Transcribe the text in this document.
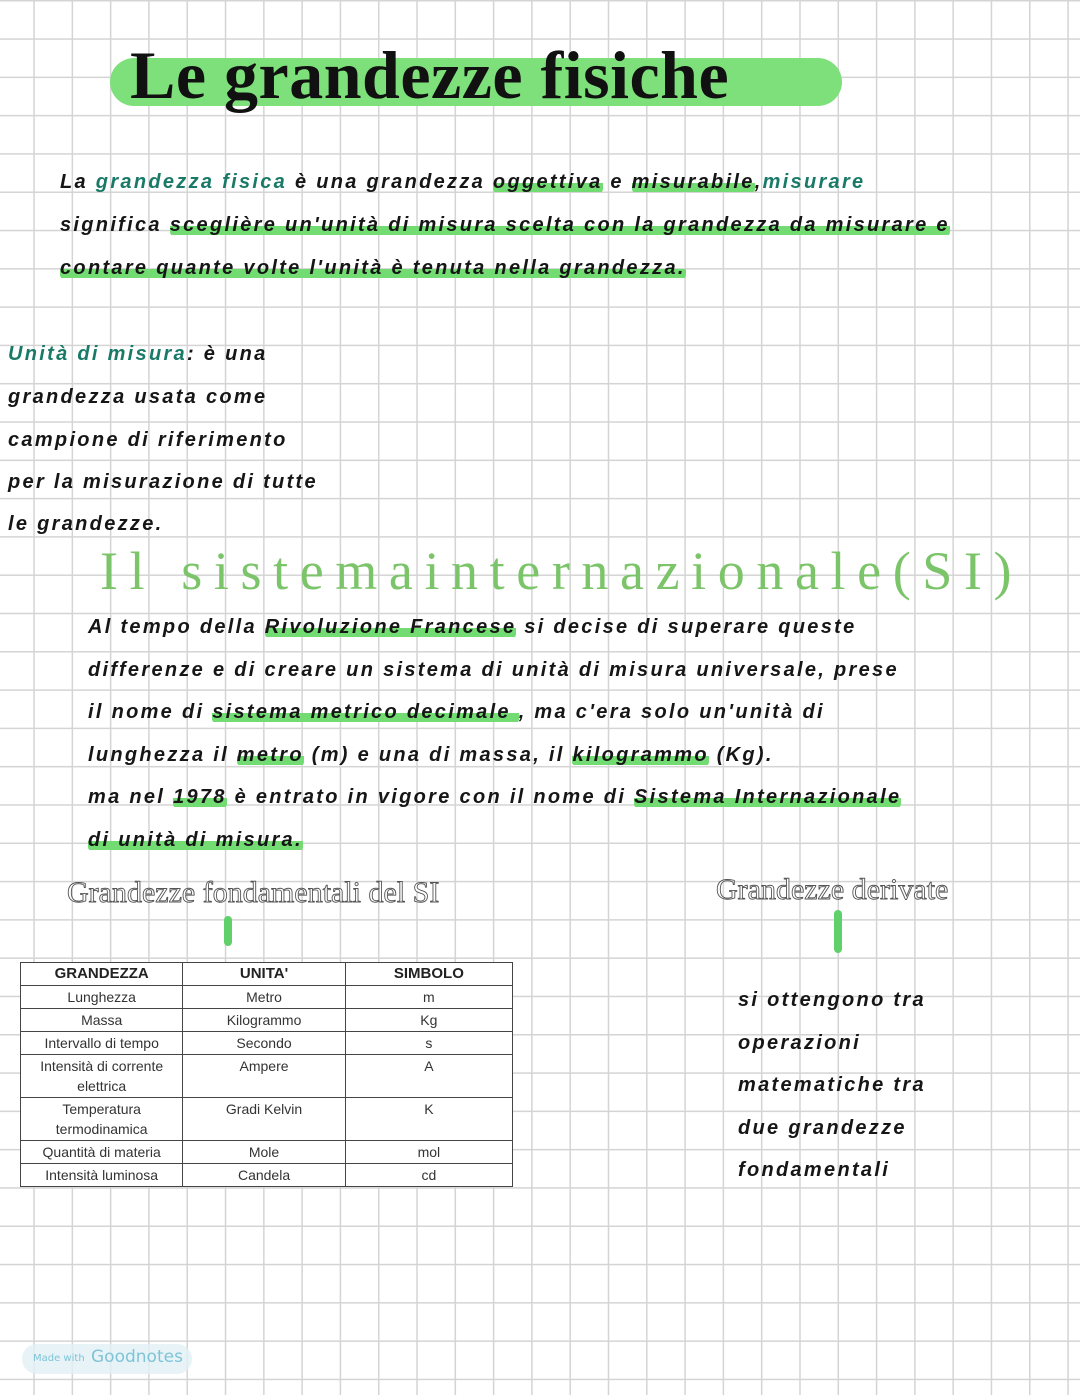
Le grandezze fisiche
La grandezza fisica è una grandezza oggettiva e misurabile,misurare
significa sceglière un'unità di misura scelta con la grandezza da misurare e
contare quante volte l'unità è tenuta nella grandezza.
Unità di misura: è una
grandezza usata come
campione di riferimento
per la misurazione di tutte
le grandezze.
Il sistemainternazionale(SI)
Al tempo della Rivoluzione Francese si decise di superare queste
differenze e di creare un sistema di unità di misura universale, prese
il nome di sistema metrico decimale , ma c'era solo un'unità di
lunghezza il metro (m) e una di massa, il kilogrammo (Kg).
ma nel 1978 è entrato in vigore con il nome di Sistema Internazionale
di unità di misura.
Grandezze fondamentali del SI	Grandezze derivate
GRANDEZZA	UNITA'	SIMBOLO
Lunghezza	Metro	m
Massa	Kilogrammo	Kg
Intervallo di tempo	Secondo	s
Intensità di corrente elettrica	Ampere	A
Temperatura termodinamica	Gradi Kelvin	K
Quantità di materia	Mole	mol
Intensità luminosa	Candela	cd
si ottengono tra
operazioni
matematiche tra
due grandezze
fondamentali
Made with Goodnotes
